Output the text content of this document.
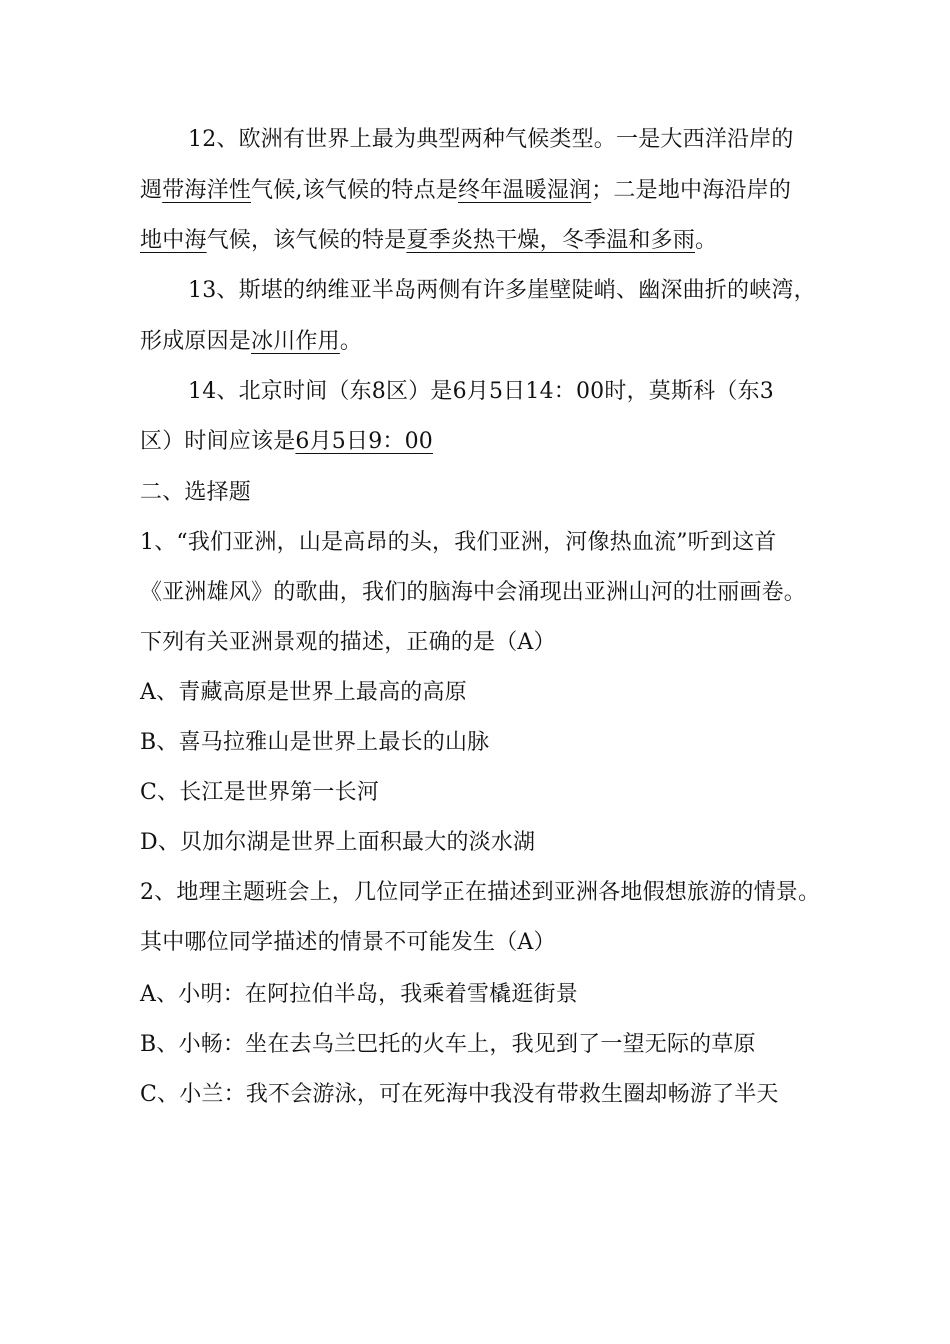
12、欧洲有世界上最为典型两种气候类型。一是大西洋沿岸的
週带海洋性气候,该气候的特点是终年温暖湿润；二是地中海沿岸的
地中海气候，该气候的特是夏季炎热干燥，冬季温和多雨。
13、斯堪的纳维亚半岛两侧有许多崖壁陡峭、幽深曲折的峡湾，
形成原因是冰川作用。
14、北京时间（东8区）是6月5日14：00时，莫斯科（东3
区）时间应该是6月5日9：00
二、选择题
1、“我们亚洲，山是高昂的头，我们亚洲，河像热血流”听到这首
《亚洲雄风》的歌曲，我们的脑海中会涌现出亚洲山河的壮丽画卷。
下列有关亚洲景观的描述，正确的是（A）
A、青藏高原是世界上最高的高原
B、喜马拉雅山是世界上最长的山脉
C、长江是世界第一长河
D、贝加尔湖是世界上面积最大的淡水湖
2、地理主题班会上，几位同学正在描述到亚洲各地假想旅游的情景。
其中哪位同学描述的情景不可能发生（A）
A、小明：在阿拉伯半岛，我乘着雪橇逛街景
B、小畅：坐在去乌兰巴托的火车上，我见到了一望无际的草原
C、小兰：我不会游泳，可在死海中我没有带救生圈却畅游了半天
